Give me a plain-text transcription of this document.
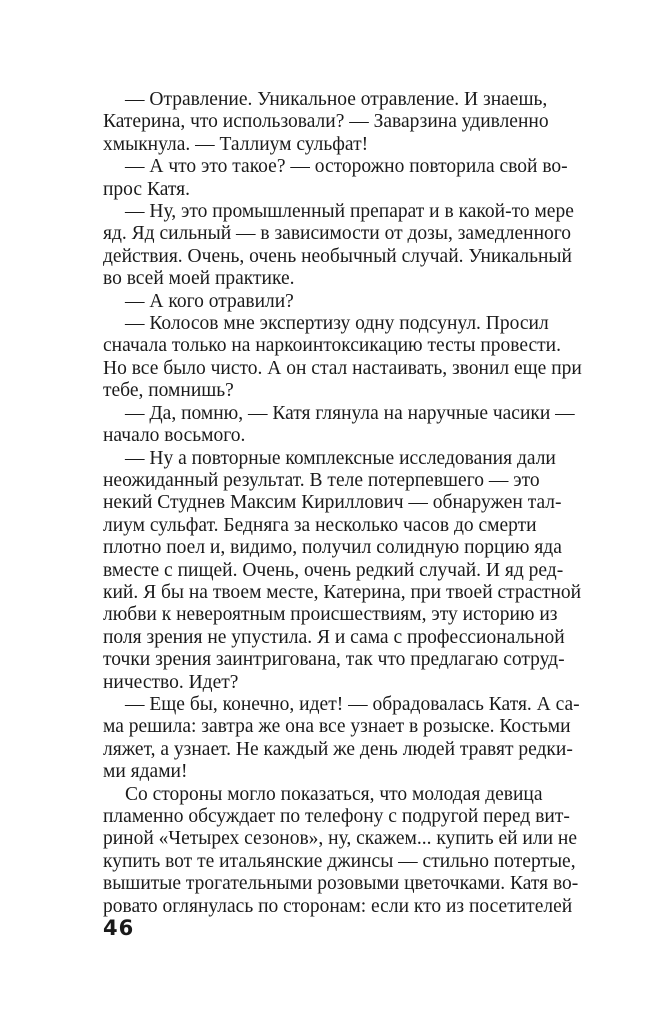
— Отравление. Уникальное отравление. И знаешь,
Катерина, что использовали? — Заварзина удивленно
хмыкнула. — Таллиум сульфат!

— А что это такое? — осторожно повторила свой во-
прос Катя.

— Ну, это промышленный препарат и в какой-то мере
яд. Яд сильный — в зависимости от дозы, замедленного
действия. Очень, очень необычный случай. Уникальный
во всей моей практике.

— А кого отравили?

— Колосов мне экспертизу одну подсунул. Просил
сначала только на наркоинтоксикацию тесты провести.
Но все было чисто. А он стал настаивать, звонил еще при
тебе, помнишь?

— Да, помню, — Катя глянула на наручные часики —
начало восьмого.

— Ну а повторные комплексные исследования дали
неожиданный результат. В теле потерпевшего — это
некий Студнев Максим Кириллович — обнаружен тал-
лиум сульфат. Бедняга за несколько часов до смерти
плотно поел и, видимо, получил солидную порцию яда
вместе с пищей. Очень, очень редкий случай. И яд ред-
кий. Я бы на твоем месте, Катерина, при твоей страстной
любви к невероятным происшествиям, эту историю из
поля зрения не упустила. Я и сама с профессиональной
точки зрения заинтригована, так что предлагаю сотруд-
ничество. Идет?

— Еще бы, конечно, идет! — обрадовалась Катя. А са-
ма решила: завтра же она все узнает в розыске. Костьми
ляжет, а узнает. Не каждый же день людей травят редки-
ми ядами!

Со стороны могло показаться, что молодая девица
пламенно обсуждает по телефону с подругой перед вит-
риной «Четырех сезонов», ну, скажем... купить ей или не
купить вот те итальянские джинсы — стильно потертые,
вышитые трогательными розовыми цветочками. Катя во-
ровато оглянулась по сторонам: если кто из посетителей

46
